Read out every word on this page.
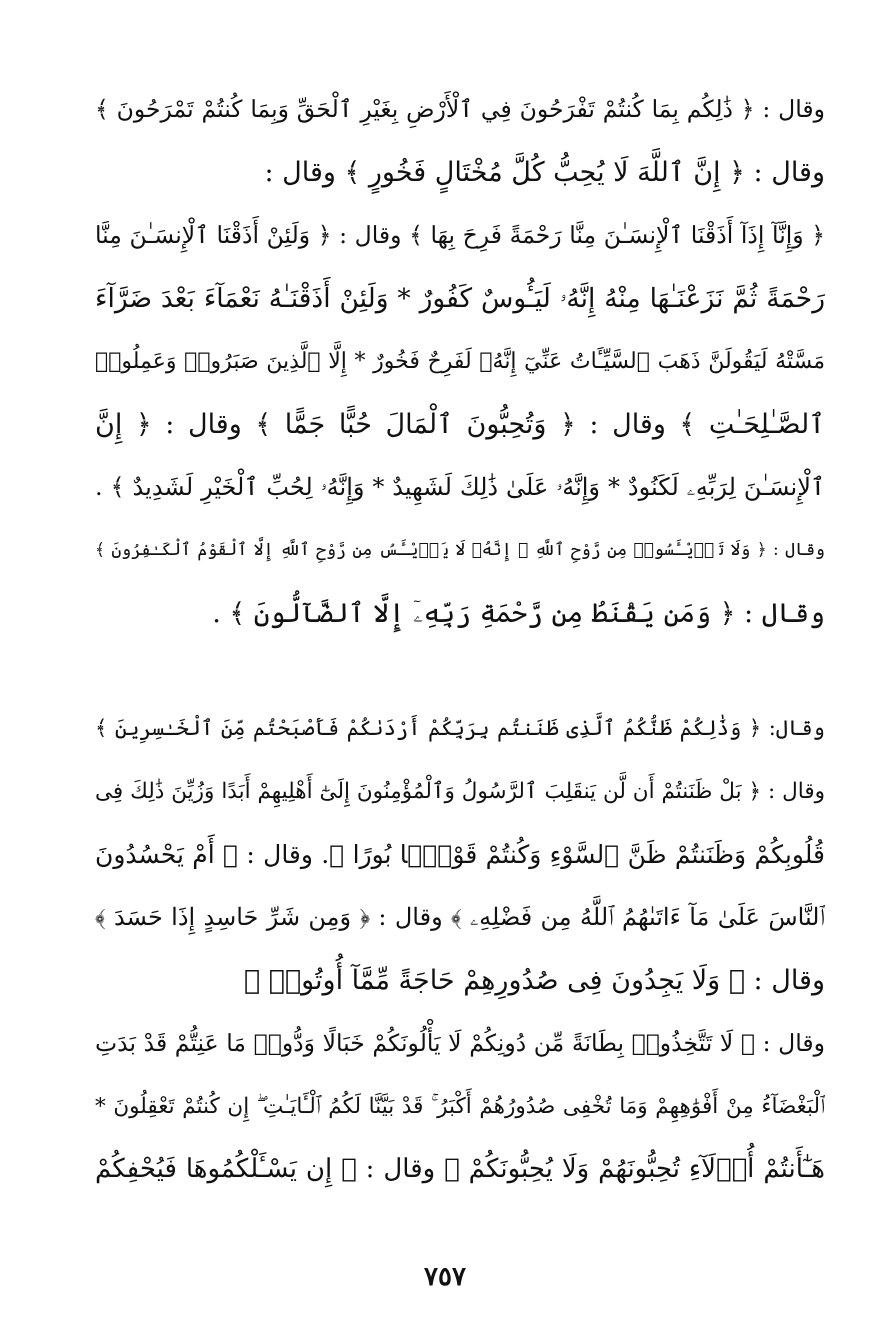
وقال : ﴿ ذَٰلِكُم بِمَا كُنتُمْ تَفْرَحُونَ فِي ٱلْأَرْضِ بِغَيْرِ ٱلْحَقِّ وَبِمَا كُنتُمْ تَمْرَحُونَ ﴾
وقال : ﴿ إِنَّ ٱللَّهَ لَا يُحِبُّ كُلَّ مُخْتَالٍ فَخُورٍ ﴾ وقال :
﴿ وَإِنَّآ إِذَآ أَذَقْنَا ٱلْإِنسَـٰنَ مِنَّا رَحْمَةً فَرِحَ بِهَا ﴾ وقال : ﴿ وَلَئِنْ أَذَقْنَا ٱلْإِنسَـٰنَ مِنَّا
رَحْمَةً ثُمَّ نَزَعْنَـٰهَا مِنْهُ إِنَّهُۥ لَيَـُٔوسٌ كَفُورٌ * وَلَئِنْ أَذَقْنَـٰهُ نَعْمَآءَ بَعْدَ ضَرَّآءَ
مَسَّتْهُ لَيَقُولَنَّ ذَهَبَ ٱلسَّيِّـَٔاتُ عَنِّيٓ إِنَّهُۥ لَفَرِحٌ فَخُورٌ * إِلَّا ٱلَّذِينَ صَبَرُوا۟ وَعَمِلُوا۟
ٱلصَّـٰلِحَـٰتِ ﴾ وقال : ﴿ وَتُحِبُّونَ ٱلْمَالَ حُبًّا جَمًّا ﴾ وقال : ﴿ إِنَّ
ٱلْإِنسَـٰنَ لِرَبِّهِۦ لَكَنُودٌ * وَإِنَّهُۥ عَلَىٰ ذَٰلِكَ لَشَهِيدٌ * وَإِنَّهُۥ لِحُبِّ ٱلْخَيْرِ لَشَدِيدٌ ﴾ .
وقال : ﴿ وَلَا تَا۟يْـَٔسُوا۟ مِن رَّوْحِ ٱللَّهِ ۖ إِنَّهُۥ لَا يَا۟يْـَٔسُ مِن رَّوْحِ ٱللَّهِ إِلَّا ٱلْقَوْمُ ٱلْكَـٰفِرُونَ ﴾
وقال : ﴿ وَمَن يَقْنَطُ مِن رَّحْمَةِ رَبِّهِۦٓ إِلَّا ٱلضَّآلُّونَ ﴾ .
وقال: ﴿ وَذَٰلِكُمْ ظَنُّكُمُ ٱلَّذِى ظَنَنتُم بِرَبِّكُمْ أَرْدَىٰكُمْ فَأَصْبَحْتُم مِّنَ ٱلْخَـٰسِرِينَ ﴾
وقال : ﴿ بَلْ ظَنَنتُمْ أَن لَّن يَنقَلِبَ ٱلرَّسُولُ وَٱلْمُؤْمِنُونَ إِلَىٰٓ أَهْلِيهِمْ أَبَدًا وَزُيِّنَ ذَٰلِكَ فِى
قُلُوبِكُمْ وَظَنَنتُمْ ظَنَّ ٱلسَّوْءِ وَكُنتُمْ قَوْمًۢا بُورًا ﴾. وقال : ﴿ أَمْ يَحْسُدُونَ
ٱلنَّاسَ عَلَىٰ مَآ ءَاتَىٰهُمُ ٱللَّهُ مِن فَضْلِهِۦ ﴾ وقال : ﴿ وَمِن شَرِّ حَاسِدٍ إِذَا حَسَدَ ﴾
وقال : ﴿ وَلَا يَجِدُونَ فِى صُدُورِهِمْ حَاجَةً مِّمَّآ أُوتُوا۟ ﴾
وقال : ﴿ لَا تَتَّخِذُوا۟ بِطَانَةً مِّن دُونِكُمْ لَا يَأْلُونَكُمْ خَبَالًا وَدُّوا۟ مَا عَنِتُّمْ قَدْ بَدَتِ
ٱلْبَغْضَآءُ مِنْ أَفْوَٰهِهِمْ وَمَا تُخْفِى صُدُورُهُمْ أَكْبَرُ ۚ قَدْ بَيَّنَّا لَكُمُ ٱلْـَٔايَـٰتِ ۖ إِن كُنتُمْ تَعْقِلُونَ *
هَـٰٓأَنتُمْ أُو۟لَآءِ تُحِبُّونَهُمْ وَلَا يُحِبُّونَكُمْ ﴾ وقال : ﴿ إِن يَسْـَٔلْكُمُوهَا فَيُحْفِكُمْ
٧٥٧
